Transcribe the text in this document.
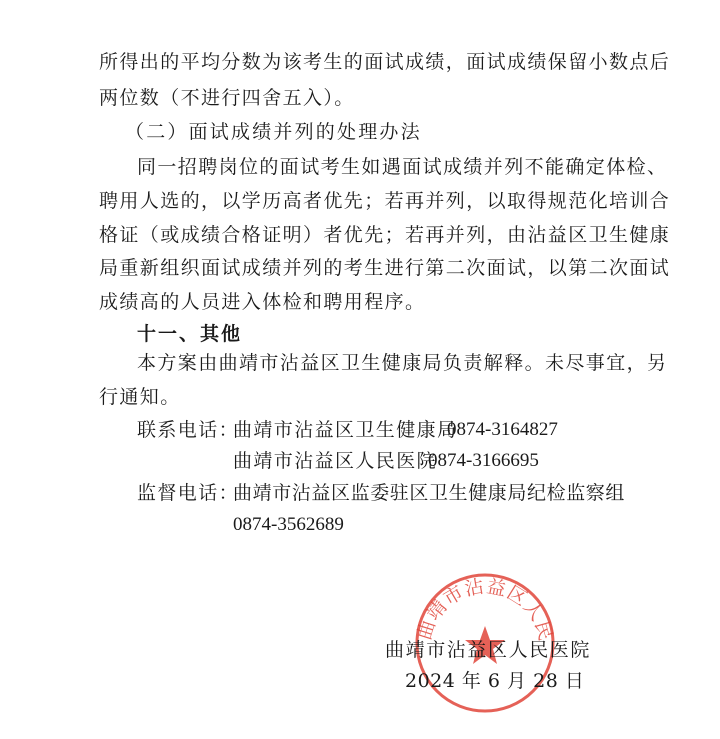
所得出的平均分数为该考生的面试成绩，面试成绩保留小数点后
两位数（不进行四舍五入）。
（二）面试成绩并列的处理办法
同一招聘岗位的面试考生如遇面试成绩并列不能确定体检、
聘用人选的，以学历高者优先；若再并列，以取得规范化培训合
格证（或成绩合格证明）者优先；若再并列，由沾益区卫生健康
局重新组织面试成绩并列的考生进行第二次面试，以第二次面试
成绩高的人员进入体检和聘用程序。
十一、其他
本方案由曲靖市沾益区卫生健康局负责解释。未尽事宜，另
行通知。
联系电话：
曲靖市沾益区卫生健康局
0874-3164827
曲靖市沾益区人民医院
0874-3166695
监督电话：
曲靖市沾益区监委驻区卫生健康局纪检监察组
0874-3562689
曲靖市沾益区人民
曲靖市沾益区人民医院
2024 年 6 月 28 日
